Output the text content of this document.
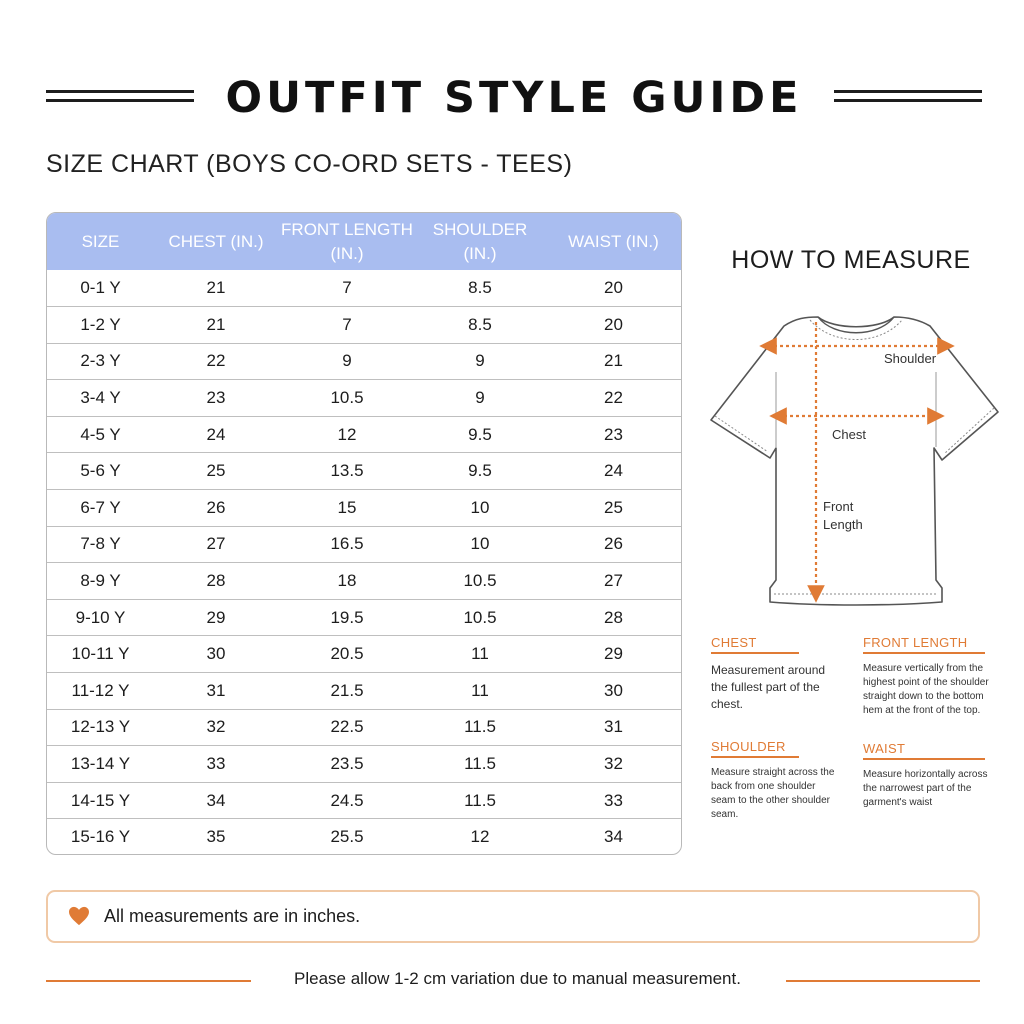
OUTFIT STYLE GUIDE
SIZE CHART (BOYS CO-ORD SETS - TEES)
SIZE	CHEST (IN.)	FRONT LENGTH (IN.)	SHOULDER (IN.)	WAIST (IN.)
0-1 Y	21	7	8.5	20
1-2 Y	21	7	8.5	20
2-3 Y	22	9	9	21
3-4 Y	23	10.5	9	22
4-5 Y	24	12	9.5	23
5-6 Y	25	13.5	9.5	24
6-7 Y	26	15	10	25
7-8 Y	27	16.5	10	26
8-9 Y	28	18	10.5	27
9-10 Y	29	19.5	10.5	28
10-11 Y	30	20.5	11	29
11-12 Y	31	21.5	11	30
12-13 Y	32	22.5	11.5	31
13-14 Y	33	23.5	11.5	32
14-15 Y	34	24.5	11.5	33
15-16 Y	35	25.5	12	34
HOW TO MEASURE
Shoulder
Chest
Front
Length
CHEST
Measurement around the fullest part of the chest.
FRONT LENGTH
Measure vertically from the highest point of the shoulder straight down to the bottom hem at the front of the top.
SHOULDER
Measure straight across the back from one shoulder seam to the other shoulder seam.
WAIST
Measure horizontally across the narrowest part of the garment's waist
All measurements are in inches.
Please allow 1-2 cm variation due to manual measurement.
